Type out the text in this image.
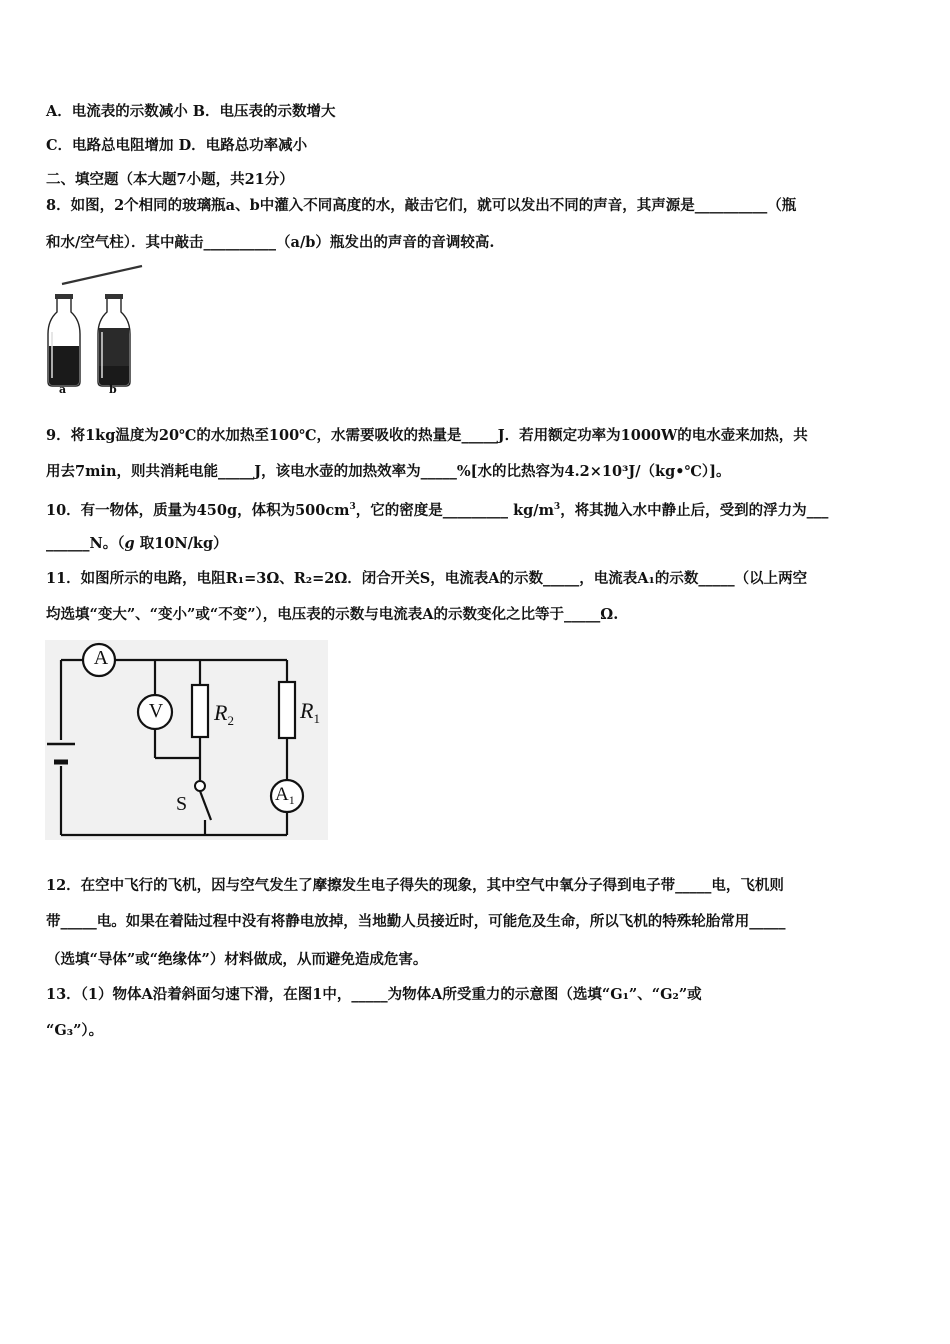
A．电流表的示数减小 B．电压表的示数增大
C．电路总电阻增加 D．电路总功率减小
二、填空题（本大题7小题，共21分）
8．如图，2个相同的玻璃瓶a、b中灌入不同高度的水，敲击它们，就可以发出不同的声音，其声源是__________（瓶
和水/空气柱）．其中敲击__________（a/b）瓶发出的声音的音调较高.
a	b
9．将1kg温度为20℃的水加热至100℃，水需要吸收的热量是_____J．若用额定功率为1000W的电水壶来加热，共
用去7min，则共消耗电能_____J，该电水壶的加热效率为_____%[水的比热容为4.2×10³J/（kg•℃）]。
10．有一物体，质量为450g，体积为$500cm^3$，它的密度是_________ $kg/m^3$，将其抛入水中静止后，受到的浮力为___
______N。（g 取10N/kg）
11．如图所示的电路，电阻R₁=3Ω、R₂=2Ω．闭合开关S，电流表A的示数_____，电流表A₁的示数_____（以上两空
均选填“变大”、“变小”或“不变”），电压表的示数与电流表A的示数变化之比等于_____Ω.
A
V $R_2$	$R_1$
S	$A_1$
12．在空中飞行的飞机，因与空气发生了摩擦发生电子得失的现象，其中空气中氧分子得到电子带_____电，飞机则
带_____电。如果在着陆过程中没有将静电放掉，当地勤人员接近时，可能危及生命，所以飞机的特殊轮胎常用_____
（选填“导体”或“绝缘体”）材料做成，从而避免造成危害。
13．（1）物体A沿着斜面匀速下滑，在图1中，_____为物体A所受重力的示意图（选填“G₁”、“G₂”或
“G₃”）。
